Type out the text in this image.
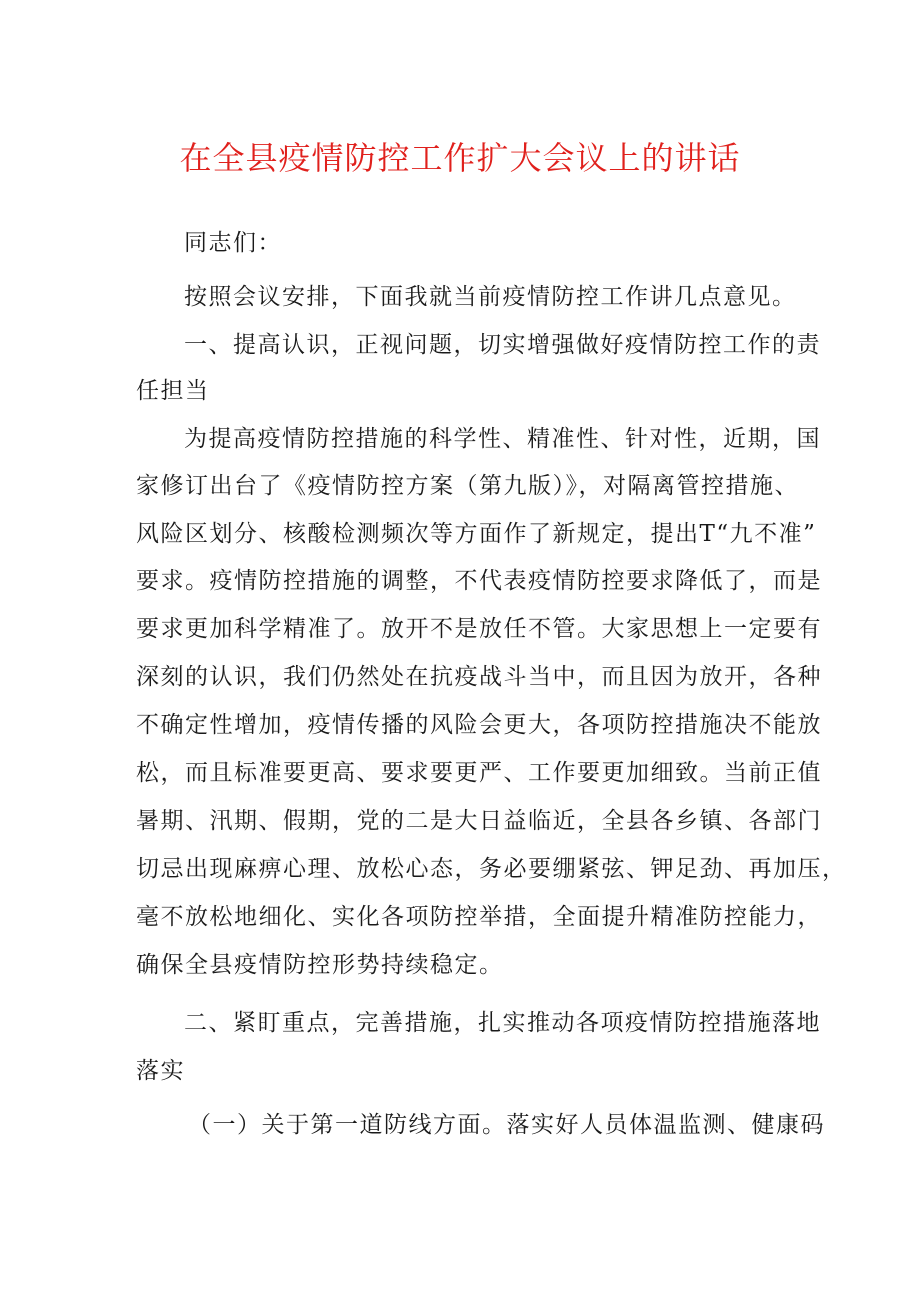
在全县疫情防控工作扩大会议上的讲话
同志们：
按照会议安排，下面我就当前疫情防控工作讲几点意见。
一、提高认识，正视问题，切实增强做好疫情防控工作的责
任担当
为提高疫情防控措施的科学性、精准性、针对性，近期，国
家修订出台了《疫情防控方案（第九版）》，对隔离管控措施、
风险区划分、核酸检测频次等方面作了新规定，提出T“九不准”
要求。疫情防控措施的调整，不代表疫情防控要求降低了，而是
要求更加科学精准了。放开不是放任不管。大家思想上一定要有
深刻的认识，我们仍然处在抗疫战斗当中，而且因为放开，各种
不确定性增加，疫情传播的风险会更大，各项防控措施决不能放
松，而且标准要更高、要求要更严、工作要更加细致。当前正值
暑期、汛期、假期，党的二是大日益临近，全县各乡镇、各部门
切忌出现麻痹心理、放松心态，务必要绷紧弦、钾足劲、再加压，
毫不放松地细化、实化各项防控举措，全面提升精准防控能力，
确保全县疫情防控形势持续稳定。
二、紧盯重点，完善措施，扎实推动各项疫情防控措施落地
落实
（一）关于第一道防线方面。落实好人员体温监测、健康码
